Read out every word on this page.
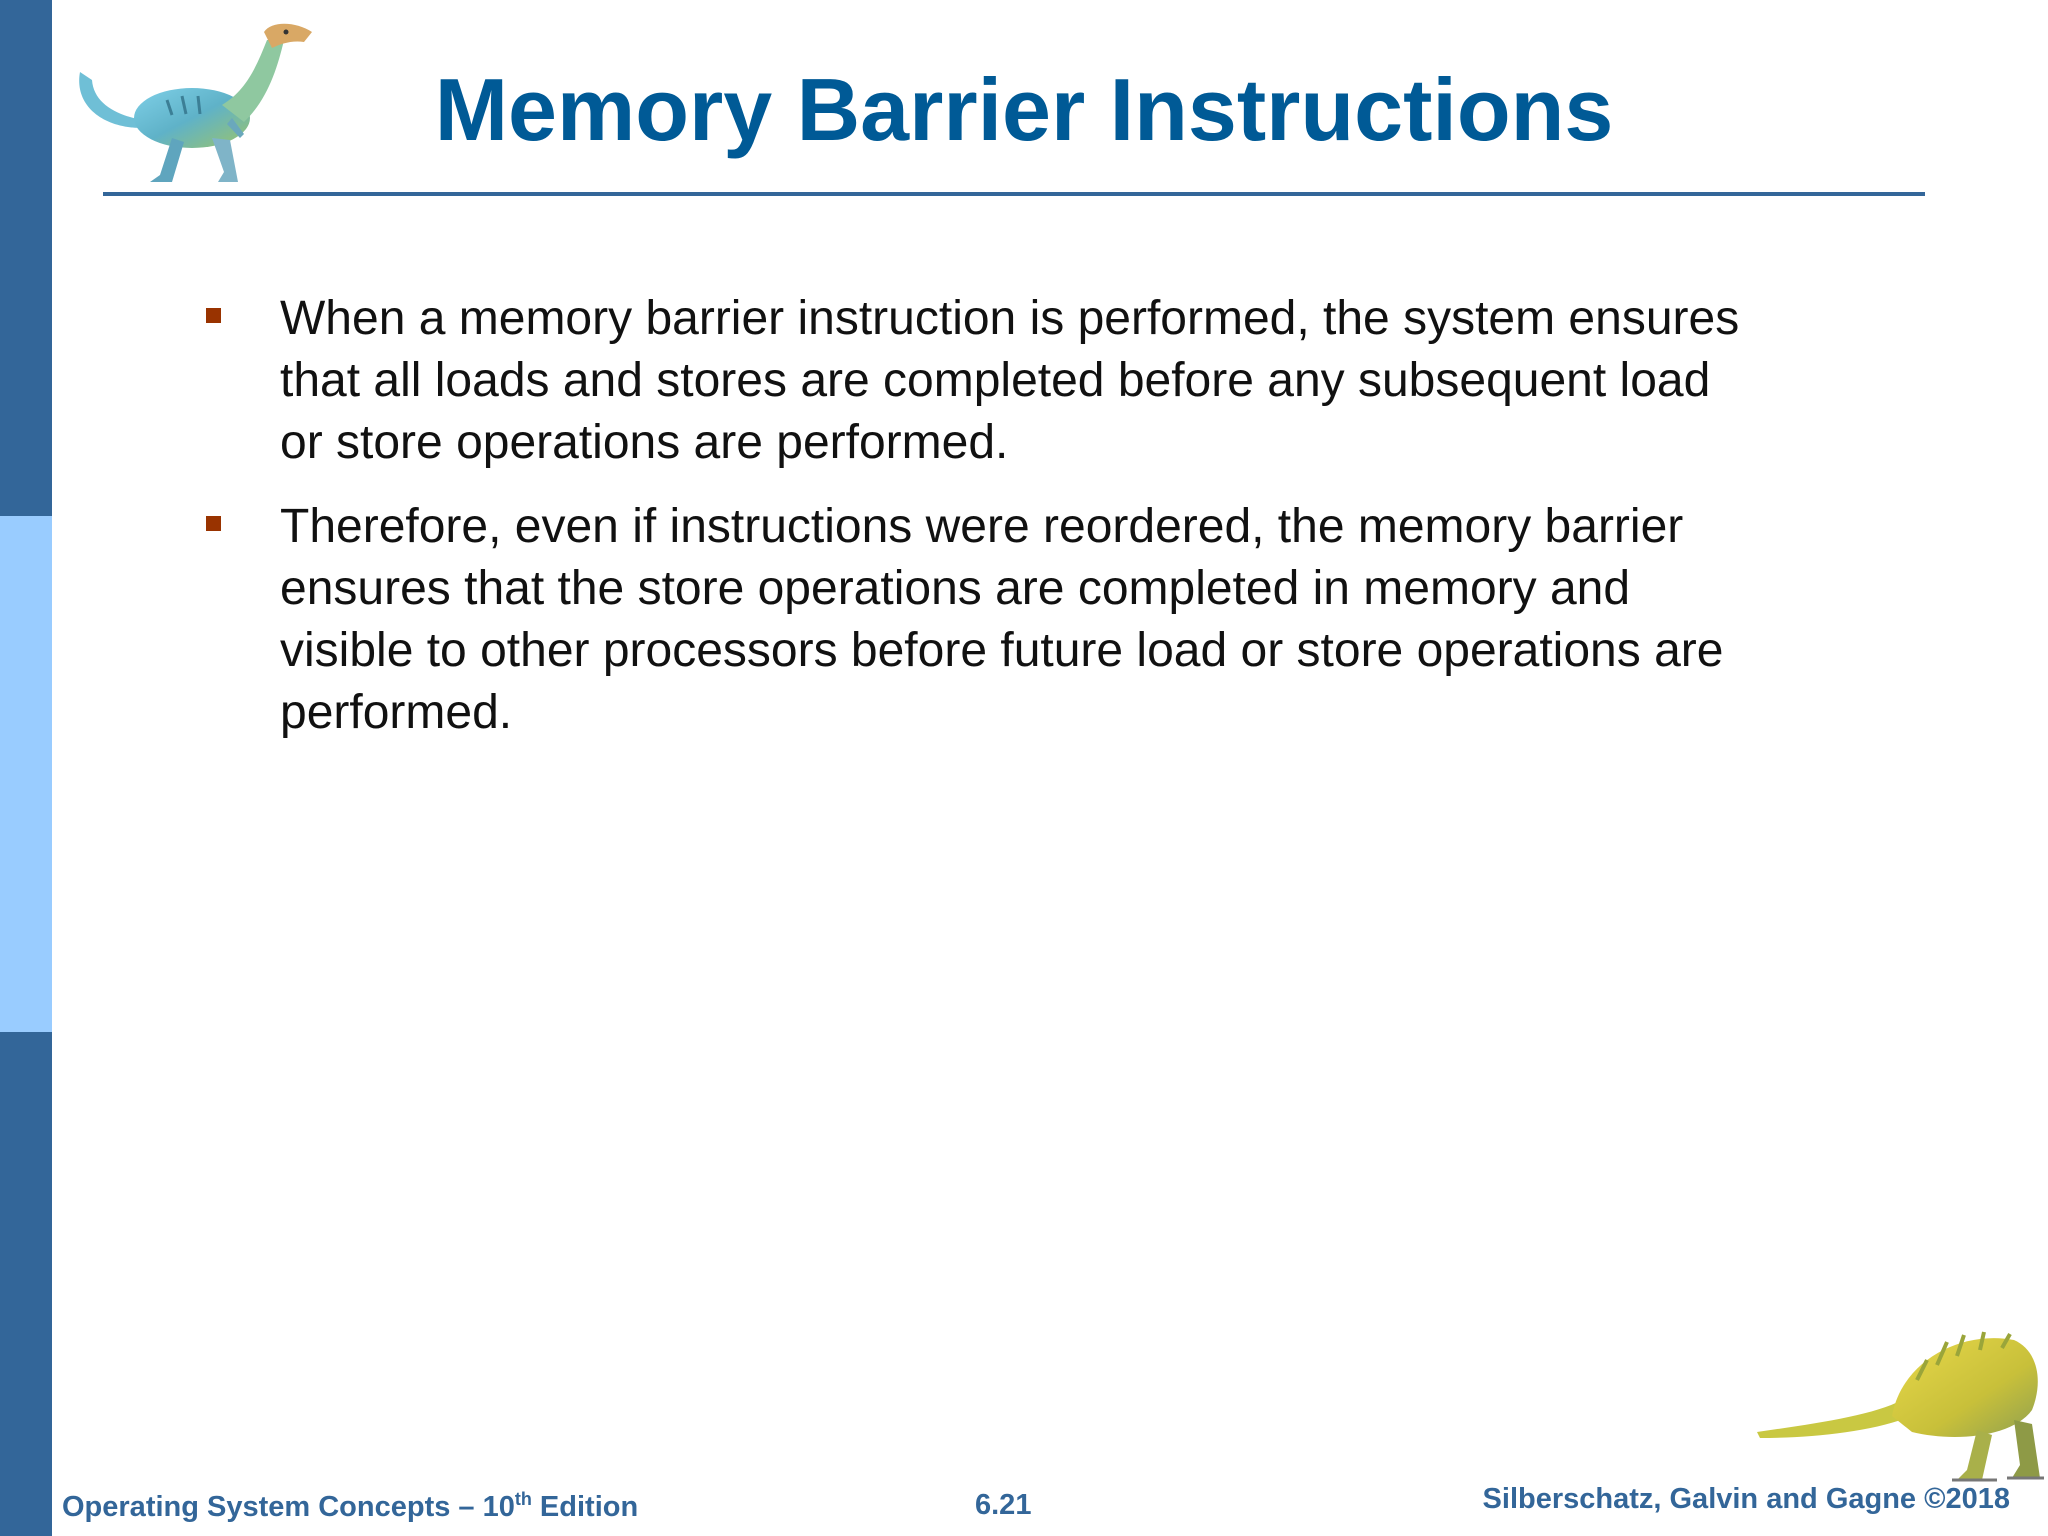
Memory Barrier Instructions
When a memory barrier instruction is performed, the system ensures that all loads and stores are completed before any subsequent load or store operations are performed.
Therefore, even if instructions were reordered, the memory barrier ensures that the store operations are completed in memory and visible to other processors before future load or store operations are performed.
Operating System Concepts – 10th Edition	6.21	Silberschatz, Galvin and Gagne ©2018
